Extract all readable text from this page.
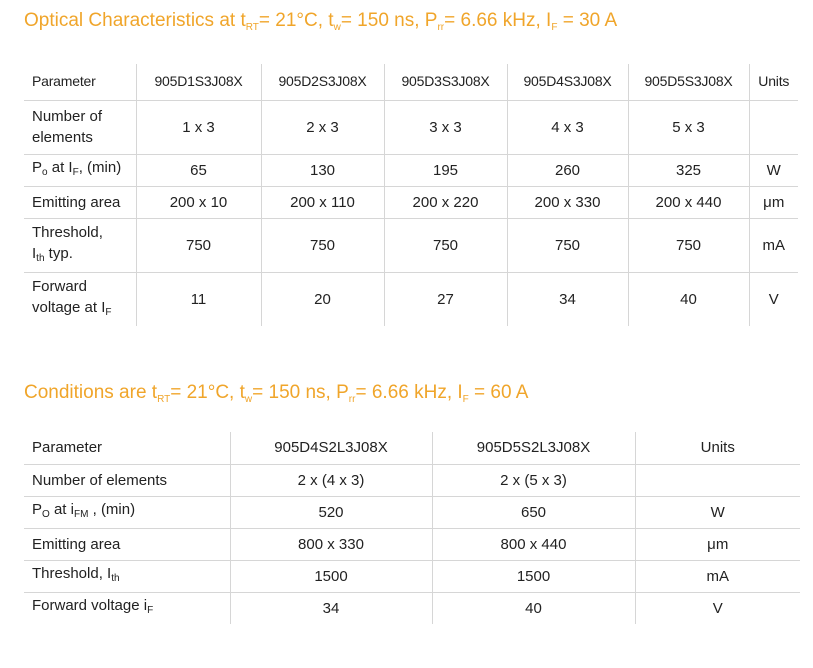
Optical Characteristics at $t_{RT}= 21^\circ C$, $t_w= 150$ ns, $P_{rr}= 6.66$ kHz, $I_F = 30$ A
Parameter	905D1S3J08X	905D2S3J08X	905D3S3J08X	905D4S3J08X	905D5S3J08X	Units
Number of
elements	1 x 3	2 x 3	3 x 3	4 x 3	5 x 3	
$P_o$ at $I_F$, (min)	65	130	195	260	325	W
Emitting area	200 x 10	200 x 110	200 x 220	200 x 330	200 x 440	μm
Threshold,
$I_{th}$ typ.	750	750	750	750	750	mA
Forward
voltage at $I_F$	11	20	27	34	40	V
Conditions are $t_{RT}= 21^\circ C$, $t_w= 150$ ns, $P_{rr}= 6.66$ kHz, $I_F = 60$ A
Parameter	905D4S2L3J08X	905D5S2L3J08X	Units
Number of elements	2 x (4 x 3)	2 x (5 x 3)	
$P_O$ at $i_{FM}$ , (min)	520	650	W
Emitting area	800 x 330	800 x 440	μm
Threshold, $I_{th}$	1500	1500	mA
Forward voltage $i_F$	34	40	V
